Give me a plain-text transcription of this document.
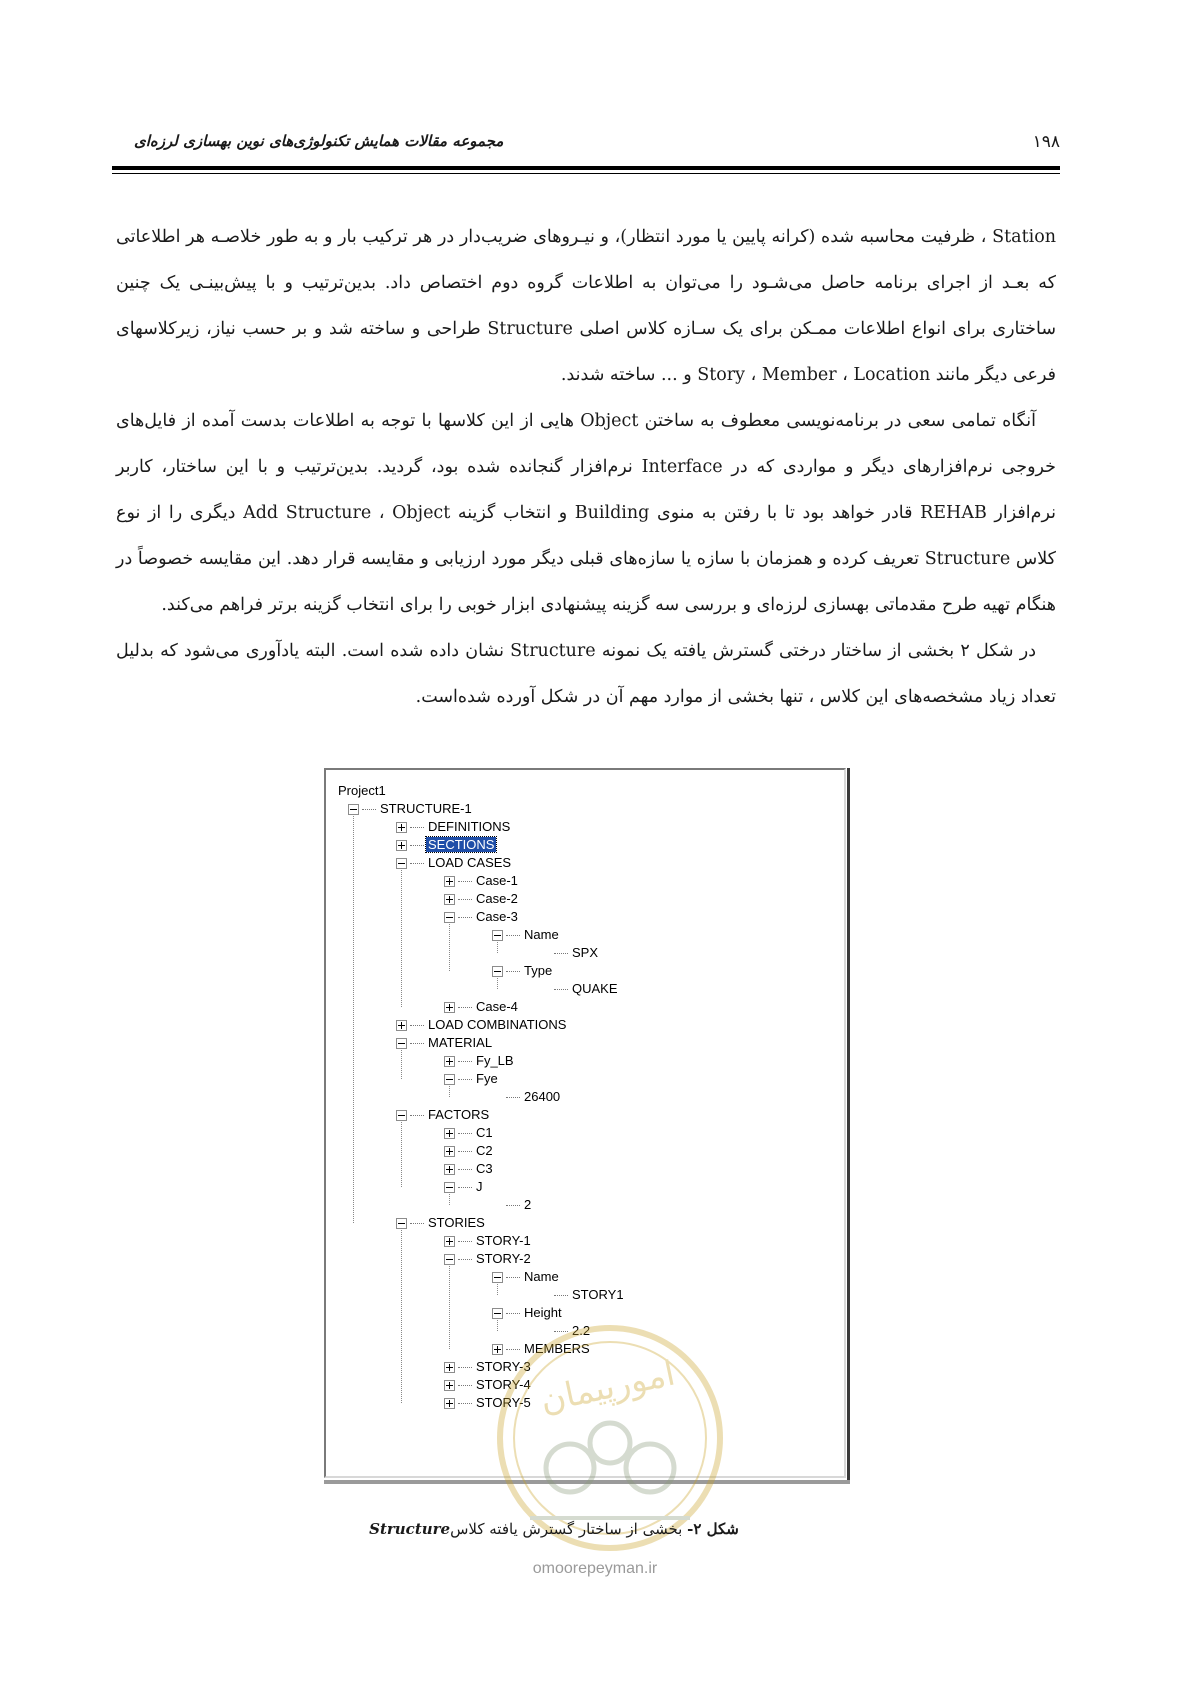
۱۹۸
مجموعه مقالات همایش تکنولوژی‌های نوین بهسازی لرزه‌ای

Station ، ظرفیت محاسبه شده (کرانه پایین یا مورد انتظار)، و نیـروهای ضریب‌دار در هر ترکیب بار و به طور خلاصـه هر اطلاعاتی که بعـد از اجرای برنامه حاصل می‌شـود را می‌توان به اطلاعات گروه دوم اختصاص داد. بدین‌ترتیب و با پیش‌بینـی یک چنین ساختاری برای انواع اطلاعات ممـکن برای یک سـازه کلاس اصلی Structure طراحی و ساخته شد و بر حسب نیاز، زیرکلاسهای فرعی دیگر مانند Story ، Member ، Location و ... ساخته شدند.

آنگاه تمامی سعی در برنامه‌نویسی معطوف به ساختن Object هایی از این کلاسها با توجه به اطلاعات بدست آمده از فایل‌های خروجی نرم‌افزارهای دیگر و مواردی که در Interface نرم‌افزار گنجانده شده بود، گردید. بدین‌ترتیب و با این ساختار، کاربر نرم‌افزار REHAB قادر خواهد بود تا با رفتن به منوی Building و انتخاب گزینه Add Structure ، Object دیگری را از نوع کلاس Structure تعریف کرده و همزمان با سازه یا سازه‌های قبلی دیگر مورد ارزیابی و مقایسه قرار دهد. این مقایسه خصوصاً در هنگام تهیه طرح مقدماتی بهسازی لرزه‌ای و بررسی سه گزینه پیشنهادی ابزار خوبی را برای انتخاب گزینه برتر فراهم می‌کند.

در شکل ۲ بخشی از ساختار درختی گسترش یافته یک نمونه Structure نشان داده شده است. البته یادآوری می‌شود که بدلیل تعداد زیاد مشخصه‌های این کلاس ، تنها بخشی از موارد مهم آن در شکل آورده شده‌است.

Project1
STRUCTURE-1
DEFINITIONS
SECTIONS
LOAD CASES
Case-1
Case-2
Case-3
Name
SPX
Type
QUAKE
Case-4
LOAD COMBINATIONS
MATERIAL
Fy_LB
Fye
26400
FACTORS
C1
C2
C3
J
2
STORIES
STORY-1
STORY-2
Name
STORY1
Height
2.2
MEMBERS
STORY-3
STORY-4
STORY-5 امورپیمان
omoorepeyman.ir
شکل ۲- بخشی از ساختار گسترش یافته کلاسStructure
